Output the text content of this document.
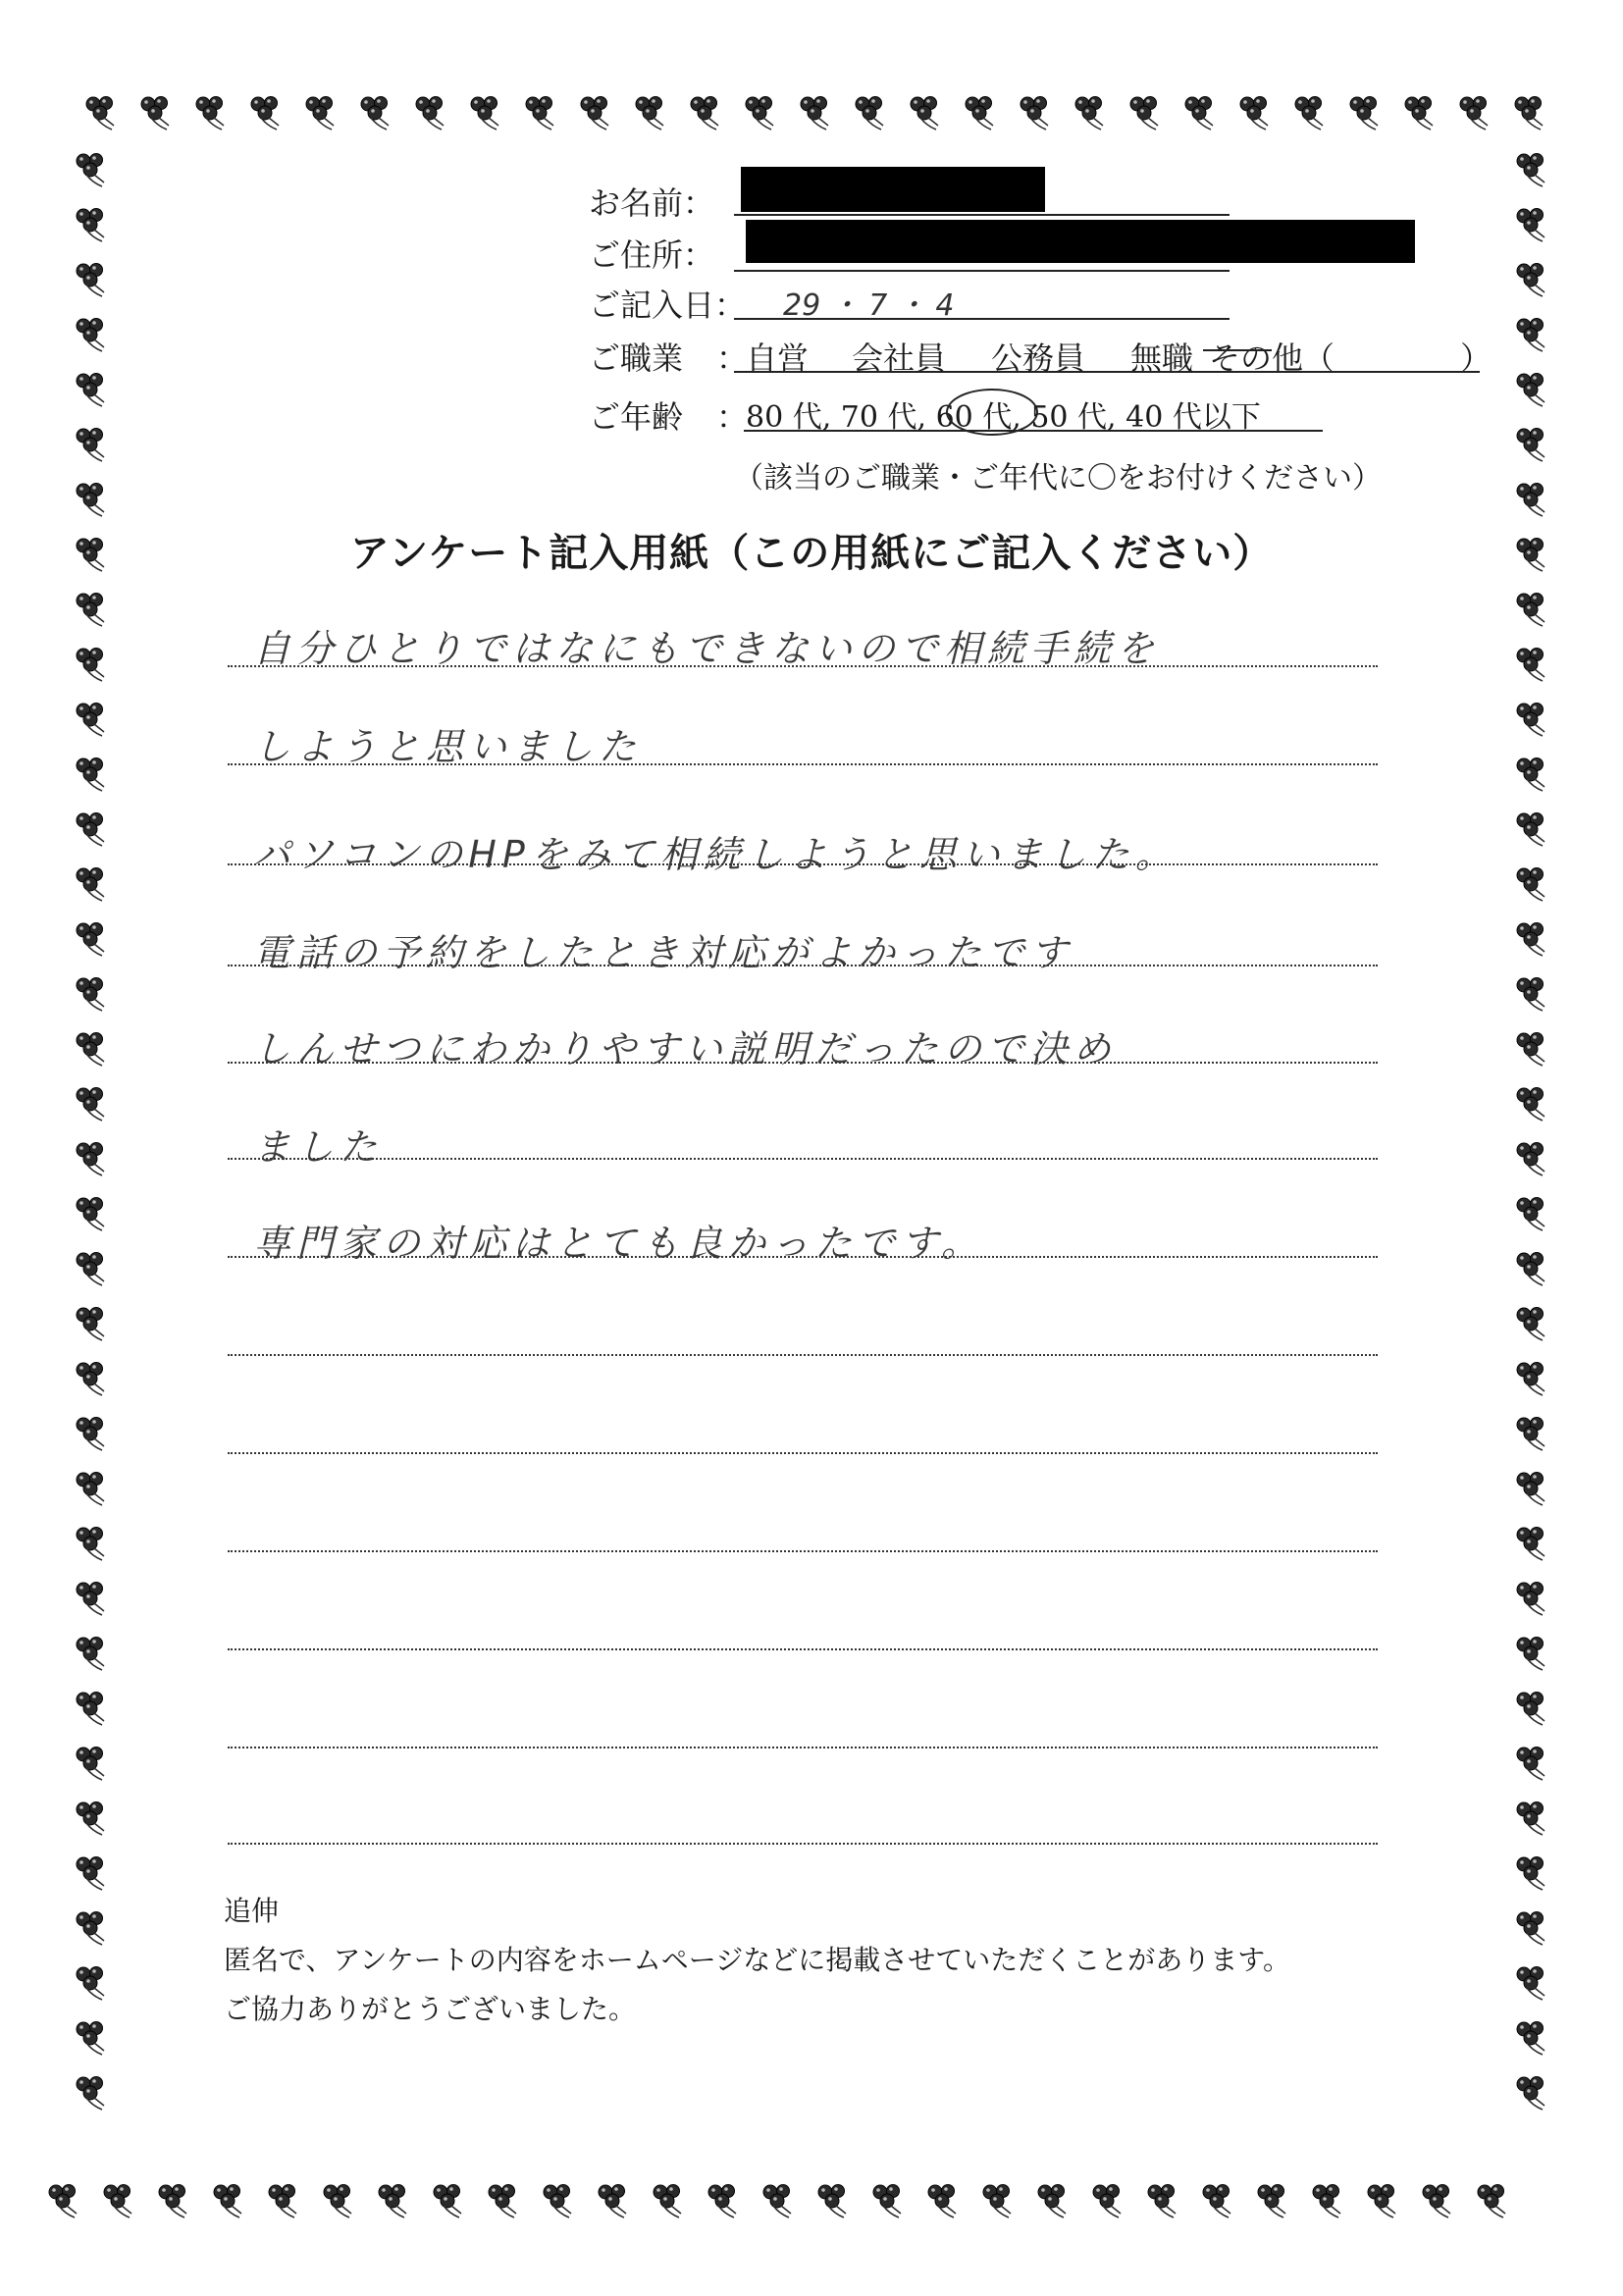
お名前：
ご住所：
ご記入日： 29 ・ 7 ・ 4
ご職業 ：
自営 会社員 公務員 無職 その他（　　　　）
ご年齢 ：
80 代, 70 代, 60 代, 50 代, 40 代以下
（該当のご職業・ご年代に〇をお付けください）
アンケート記入用紙（この用紙にご記入ください）
自分ひとりではなにもできないので相続手続を
しようと思いました
パソコンのHPをみて相続しようと思いました。
電話の予約をしたとき対応がよかったです
しんせつにわかりやすい説明だったので決め
ました
専門家の対応はとても良かったです。
追伸
匿名で、アンケートの内容をホームページなどに掲載させていただくことがあります。
ご協力ありがとうございました。
